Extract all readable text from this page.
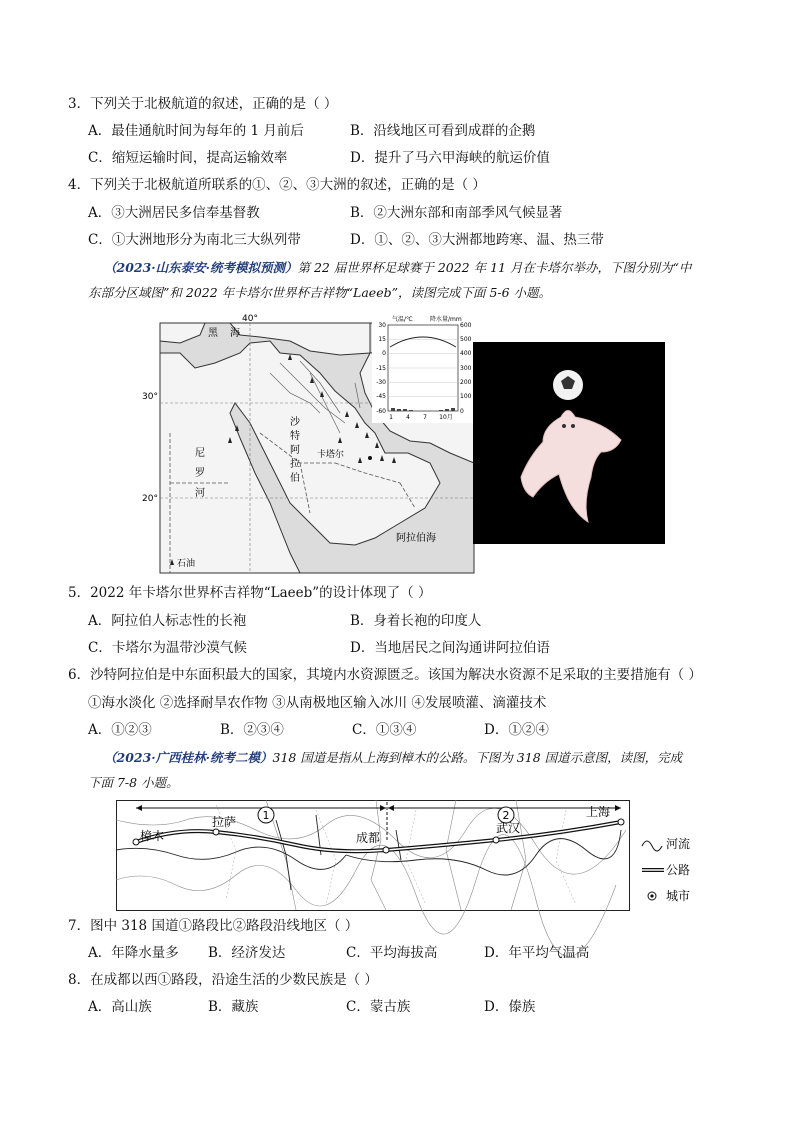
3．下列关于北极航道的叙述，正确的是（ ）
A．最佳通航时间为每年的 1 月前后	B．沿线地区可看到成群的企鹅
C．缩短运输时间，提高运输效率	D．提升了马六甲海峡的航运价值
4．下列关于北极航道所联系的①、②、③大洲的叙述，正确的是（ ）
A．③大洲居民多信奉基督教	B．②大洲东部和南部季风气候显著
C．①大洲地形分为南北三大纵列带	D．①、②、③大洲都地跨寒、温、热三带
（2023·山东泰安·统考模拟预测）第 22 届世界杯足球赛于 2022 年 11 月在卡塔尔举办，下图分别为“中
东部分区域图”和 2022 年卡塔尔世界杯吉祥物“Laeeb”，读图完成下面 5-6 小题。
40°
30°
20°
黑 海
尼
罗
河
沙
特
阿
拉
伯
卡塔尔
阿拉伯海
石油
气温/℃	降水量/mm
30
15
0
-15
-30
-45
-60
600
500
400
300
200
100
0
1 4 7 10月
5．2022 年卡塔尔世界杯吉祥物“Laeeb”的设计体现了（ ）
A．阿拉伯人标志性的长袍	B．身着长袍的印度人
C．卡塔尔为温带沙漠气候	D．当地居民之间沟通讲阿拉伯语
6．沙特阿拉伯是中东面积最大的国家，其境内水资源匮乏。该国为解决水资源不足采取的主要措施有（ ）
①海水淡化 ②选择耐旱农作物 ③从南极地区输入冰川 ④发展喷灌、滴灌技术
A．①②③	B．②③④	C．①③④	D．①②④
（2023·广西桂林·统考二模）318 国道是指从上海到樟木的公路。下图为 318 国道示意图，读图，完成
下面 7-8 小题。
1	2
樟木
拉萨
成都
武汉
上海
河流
公路
城市
7．图中 318 国道①路段比②路段沿线地区（ ）
A．年降水量多 B．经济发达	C．平均海拔高	D．年平均气温高
8．在成都以西①路段，沿途生活的少数民族是（ ）
A．高山族	B．藏族	C．蒙古族	D．傣族
